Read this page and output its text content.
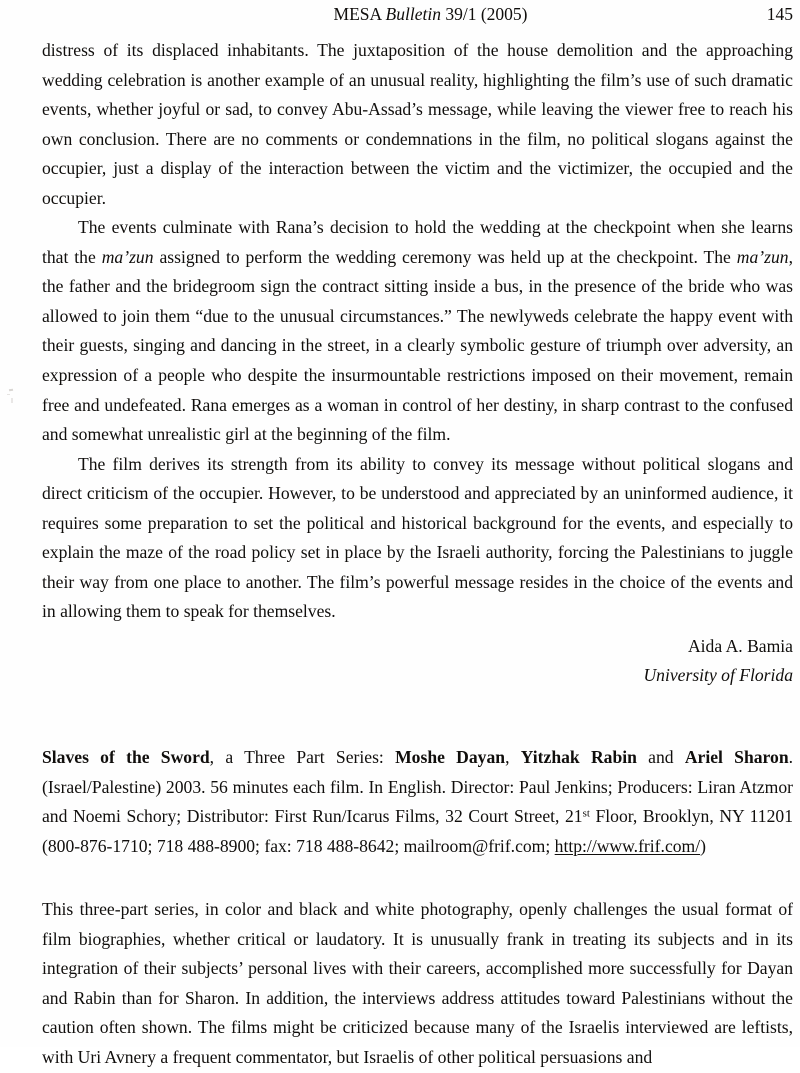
MESA Bulletin 39/1 (2005)	145

distress of its displaced inhabitants. The juxtaposition of the house demolition and the approaching wedding celebration is another example of an unusual reality, highlighting the film’s use of such dramatic events, whether joyful or sad, to convey Abu-Assad’s message, while leaving the viewer free to reach his own conclusion. There are no comments or condemnations in the film, no political slogans against the occupier, just a display of the interaction between the victim and the victimizer, the occupied and the occupier.

The events culminate with Rana’s decision to hold the wedding at the checkpoint when she learns that the ma’zun assigned to perform the wedding ceremony was held up at the checkpoint. The ma’zun, the father and the bridegroom sign the contract sitting inside a bus, in the presence of the bride who was allowed to join them “due to the unusual circumstances.” The newlyweds celebrate the happy event with their guests, singing and dancing in the street, in a clearly symbolic gesture of triumph over adversity, an expression of a people who despite the insurmountable restrictions imposed on their movement, remain free and undefeated. Rana emerges as a woman in control of her destiny, in sharp contrast to the confused and somewhat unrealistic girl at the beginning of the film.

The film derives its strength from its ability to convey its message without political slogans and direct criticism of the occupier. However, to be understood and appreciated by an uninformed audience, it requires some preparation to set the political and historical background for the events, and especially to explain the maze of the road policy set in place by the Israeli authority, forcing the Palestinians to juggle their way from one place to another. The film’s powerful message resides in the choice of the events and in allowing them to speak for themselves.

Aida A. Bamia
University of Florida

Slaves of the Sword, a Three Part Series: Moshe Dayan, Yitzhak Rabin and Ariel Sharon. (Israel/Palestine) 2003. 56 minutes each film. In English. Director: Paul Jenkins; Producers: Liran Atzmor and Noemi Schory; Distributor: First Run/Icarus Films, 32 Court Street, 21st Floor, Brooklyn, NY 11201 (800-876-1710; 718 488-8900; fax: 718 488-8642; mailroom@frif.com; http://www.frif.com/)

This three-part series, in color and black and white photography, openly challenges the usual format of film biographies, whether critical or laudatory. It is unusually frank in treating its subjects and in its integration of their subjects’ personal lives with their careers, accomplished more successfully for Dayan and Rabin than for Sharon. In addition, the interviews address attitudes toward Palestinians without the caution often shown. The films might be criticized because many of the Israelis interviewed are leftists, with Uri Avnery a frequent commentator, but Israelis of other political persuasions and
